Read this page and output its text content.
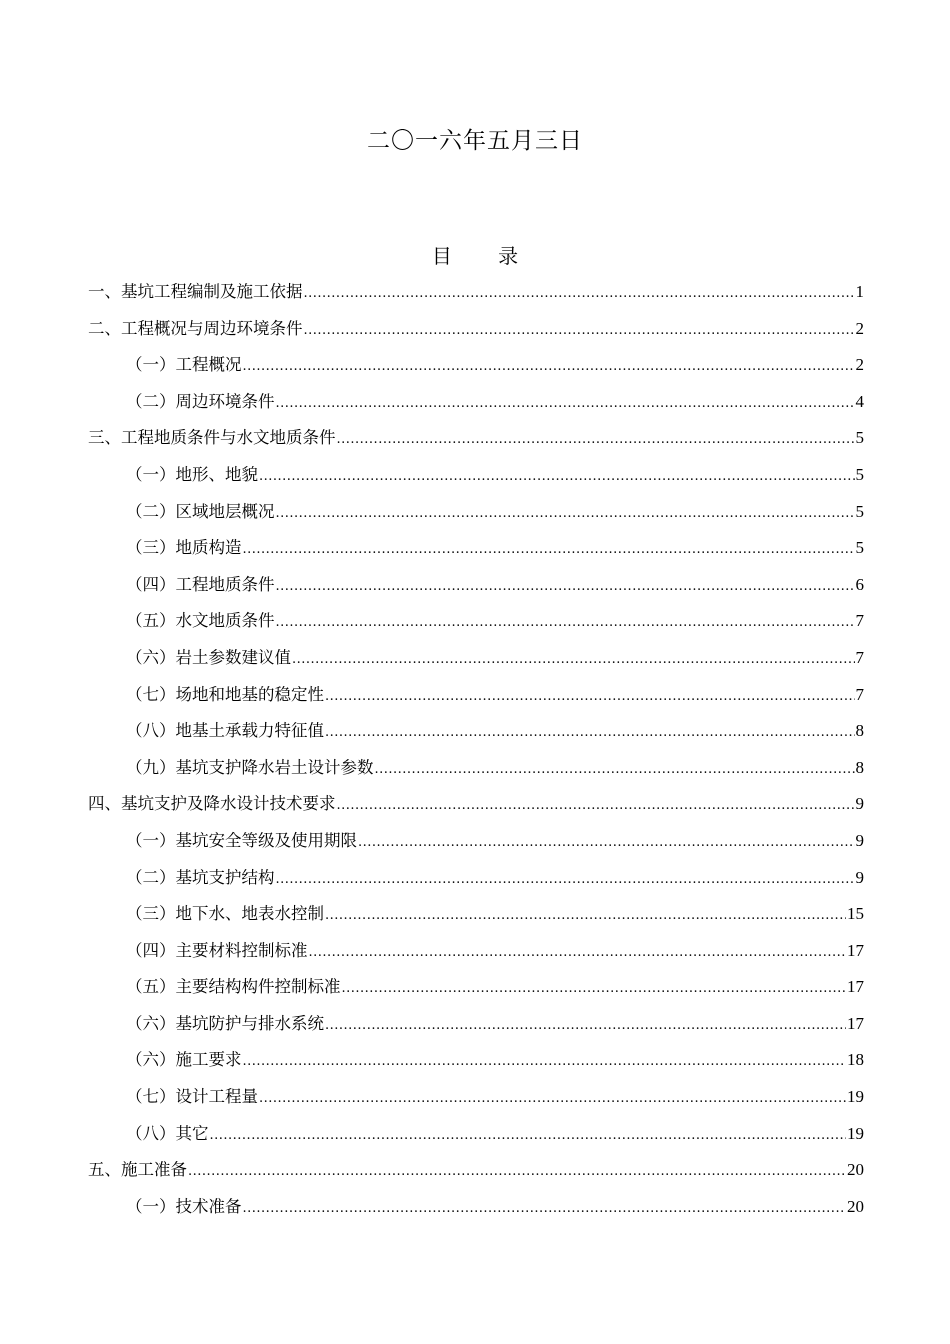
二〇一六年五月三日
目 录
一、基坑工程编制及施工依据 .....	1
二、工程概况与周边环境条件 .....	2
（一）工程概况 .....	2
（二）周边环境条件 .....	4
三、工程地质条件与水文地质条件 .....	5
（一）地形、地貌 .....	5
（二）区域地层概况 .....	5
（三）地质构造 .....	5
（四）工程地质条件 .....	6
（五）水文地质条件 .....	7
（六）岩土参数建议值 .....	7
（七）场地和地基的稳定性 .....	7
（八）地基土承载力特征值 .....	8
（九）基坑支护降水岩土设计参数 .....	8
四、基坑支护及降水设计技术要求 .....	9
（一）基坑安全等级及使用期限 .....	9
（二）基坑支护结构 .....	9
（三）地下水、地表水控制 .....	15
（四）主要材料控制标准 .....	17
（五）主要结构构件控制标准 .....	17
（六）基坑防护与排水系统 .....	17
（六）施工要求 .....	18
（七）设计工程量 .....	19
（八）其它 .....	19
五、施工准备 .....	20
（一）技术准备 .....	20
